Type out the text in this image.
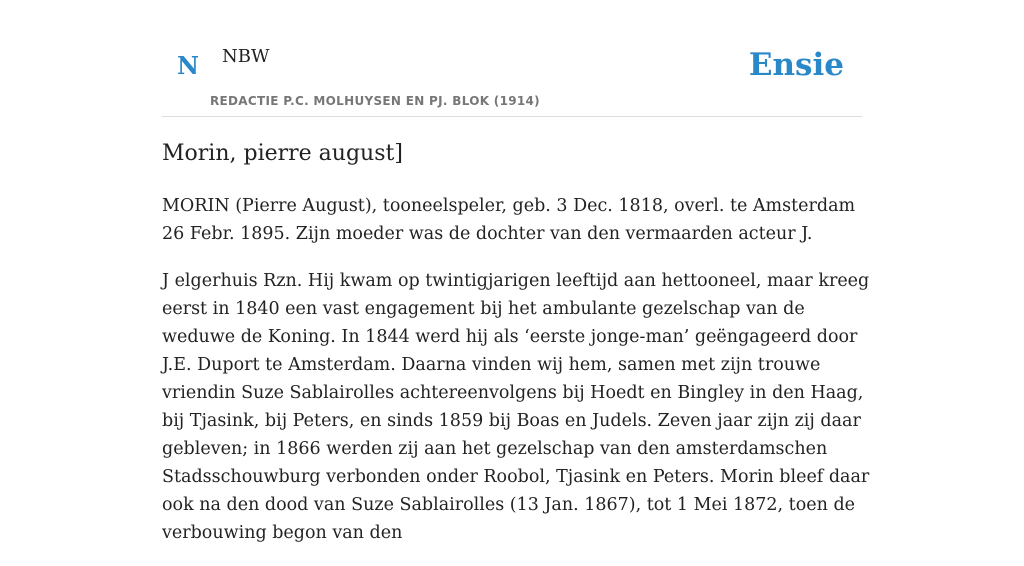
N NBW
REDACTIE P.C. MOLHUYSEN EN PJ. BLOK (1914)
Ensie
Morin, pierre august]

MORIN (Pierre August), tooneelspeler, geb. 3 Dec. 1818, overl. te Amsterdam 26 Febr. 1895. Zijn moeder was de dochter van den vermaarden acteur J.

J elgerhuis Rzn. Hij kwam op twintigjarigen leeftijd aan hettooneel, maar kreeg eerst in 1840 een vast engagement bij het ambulante gezelschap van de weduwe de Koning. In 1844 werd hij als ‘eerste jonge-man’ geëngageerd door J.E. Duport te Amsterdam. Daarna vinden wij hem, samen met zijn trouwe vriendin Suze Sablairolles achtereenvolgens bij Hoedt en Bingley in den Haag, bij Tjasink, bij Peters, en sinds 1859 bij Boas en Judels. Zeven jaar zijn zij daar gebleven; in 1866 werden zij aan het gezelschap van den amsterdamschen Stadsschouwburg verbonden onder Roobol, Tjasink en Peters. Morin bleef daar ook na den dood van Suze Sablairolles (13 Jan. 1867), tot 1 Mei 1872, toen de verbouwing begon van den
